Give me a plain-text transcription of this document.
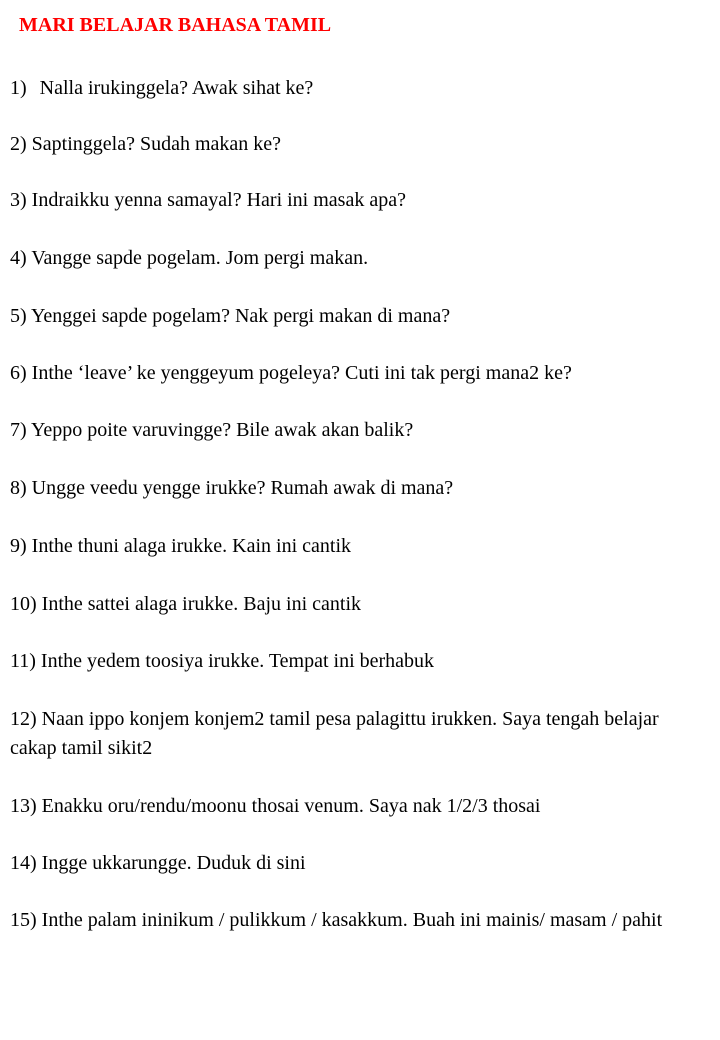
MARI BELAJAR BAHASA TAMIL
1) Nalla irukinggela? Awak sihat ke?
2) Saptinggela? Sudah makan ke?
3) Indraikku yenna samayal? Hari ini masak apa?
4) Vangge sapde pogelam. Jom pergi makan.
5) Yenggei sapde pogelam? Nak pergi makan di mana?
6) Inthe ‘leave’ ke yenggeyum pogeleya? Cuti ini tak pergi mana2 ke?
7) Yeppo poite varuvingge? Bile awak akan balik?
8) Ungge veedu yengge irukke? Rumah awak di mana?
9) Inthe thuni alaga irukke. Kain ini cantik
10) Inthe sattei alaga irukke. Baju ini cantik
11) Inthe yedem toosiya irukke. Tempat ini berhabuk
12) Naan ippo konjem konjem2 tamil pesa palagittu irukken. Saya tengah belajar cakap tamil sikit2
13) Enakku oru/rendu/moonu thosai venum. Saya nak 1/2/3 thosai
14) Ingge ukkarungge. Duduk di sini
15) Inthe palam ininikum / pulikkum / kasakkum. Buah ini mainis/ masam / pahit
